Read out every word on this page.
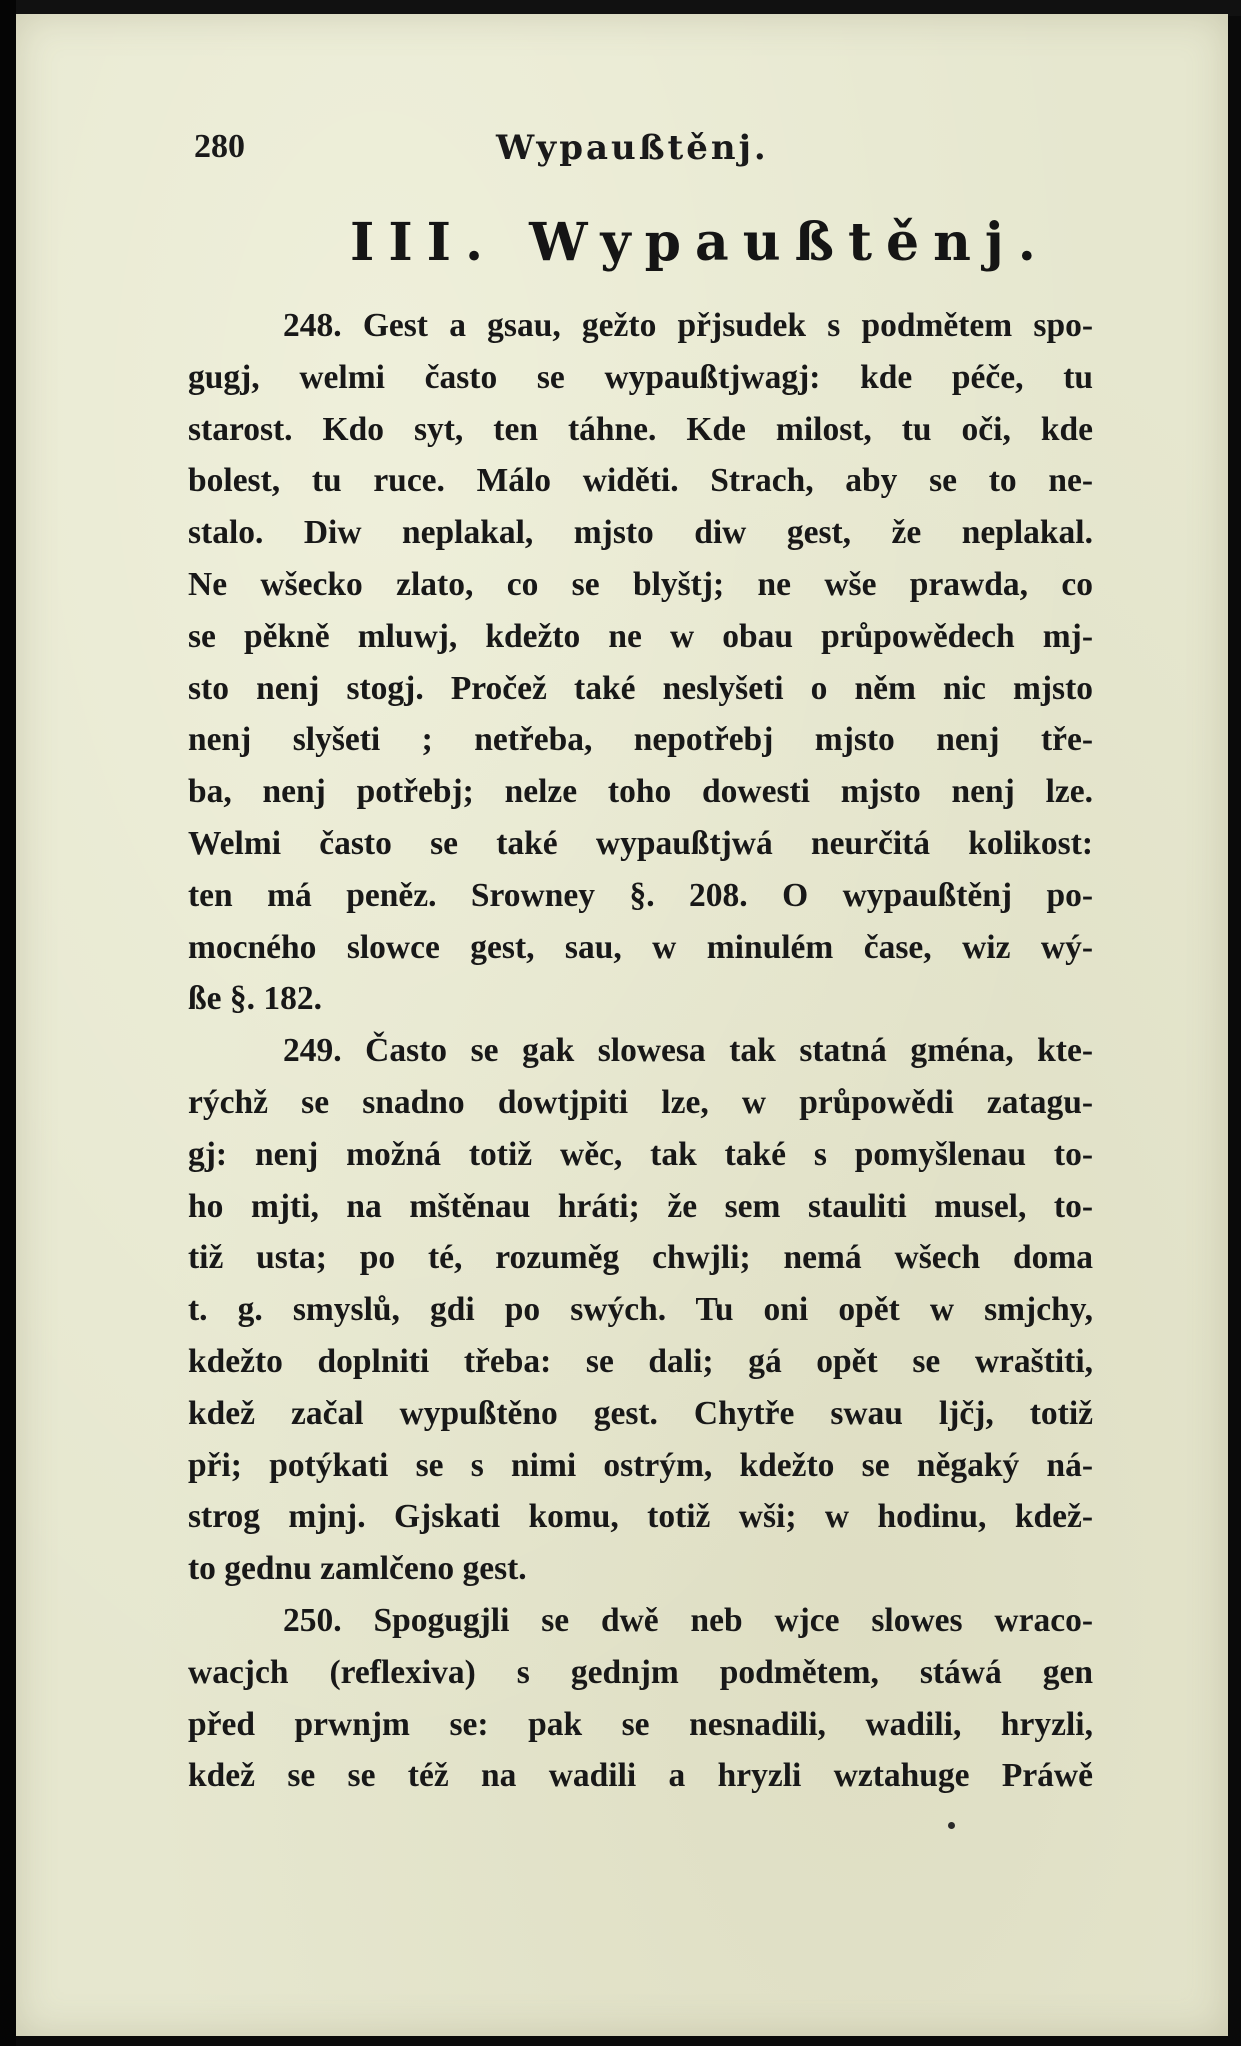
280	Wypaußtěnj.
III. Wypaußtěnj.
248. Gest a gsau, gežto přjsudek s podmětem spo-
gugj, welmi často se wypaußtjwagj: kde péče, tu
starost. Kdo syt, ten táhne. Kde milost, tu oči, kde
bolest, tu ruce. Málo widěti. Strach, aby se to ne-
stalo. Diw neplakal, mjsto diw gest, že neplakal.
Ne wšecko zlato, co se blyštj; ne wše prawda, co
se pěkně mluwj, kdežto ne w obau průpowědech mj-
sto nenj stogj. Pročež také neslyšeti o něm nic mjsto
nenj slyšeti ; netřeba, nepotřebj mjsto nenj tře-
ba, nenj potřebj; nelze toho dowesti mjsto nenj lze.
Welmi často se také wypaußtjwá neurčitá kolikost:
ten má peněz. Srowney §. 208. O wypaußtěnj po-
mocného slowce gest, sau, w minulém čase, wiz wý-
ße §. 182.
249. Často se gak slowesa tak statná gména, kte-
rýchž se snadno dowtjpiti lze, w průpowědi zatagu-
gj: nenj možná totiž wěc, tak také s pomyšlenau to-
ho mjti, na mštěnau hráti; že sem stauliti musel, to-
tiž usta; po té, rozuměg chwjli; nemá wšech doma
t. g. smyslů, gdi po swých. Tu oni opět w smjchy,
kdežto doplniti třeba: se dali; gá opět se wraštiti,
kdež začal wypußtěno gest. Chytře swau ljčj, totiž
při; potýkati se s nimi ostrým, kdežto se něgaký ná-
strog mjnj. Gjskati komu, totiž wši; w hodinu, kdež-
to gednu zamlčeno gest.
250. Spogugjli se dwě neb wjce slowes wraco-
wacjch (reflexiva) s gednjm podmětem, stáwá gen
před prwnjm se: pak se nesnadili, wadili, hryzli,
kdež se se též na wadili a hryzli wztahuge Práwě
